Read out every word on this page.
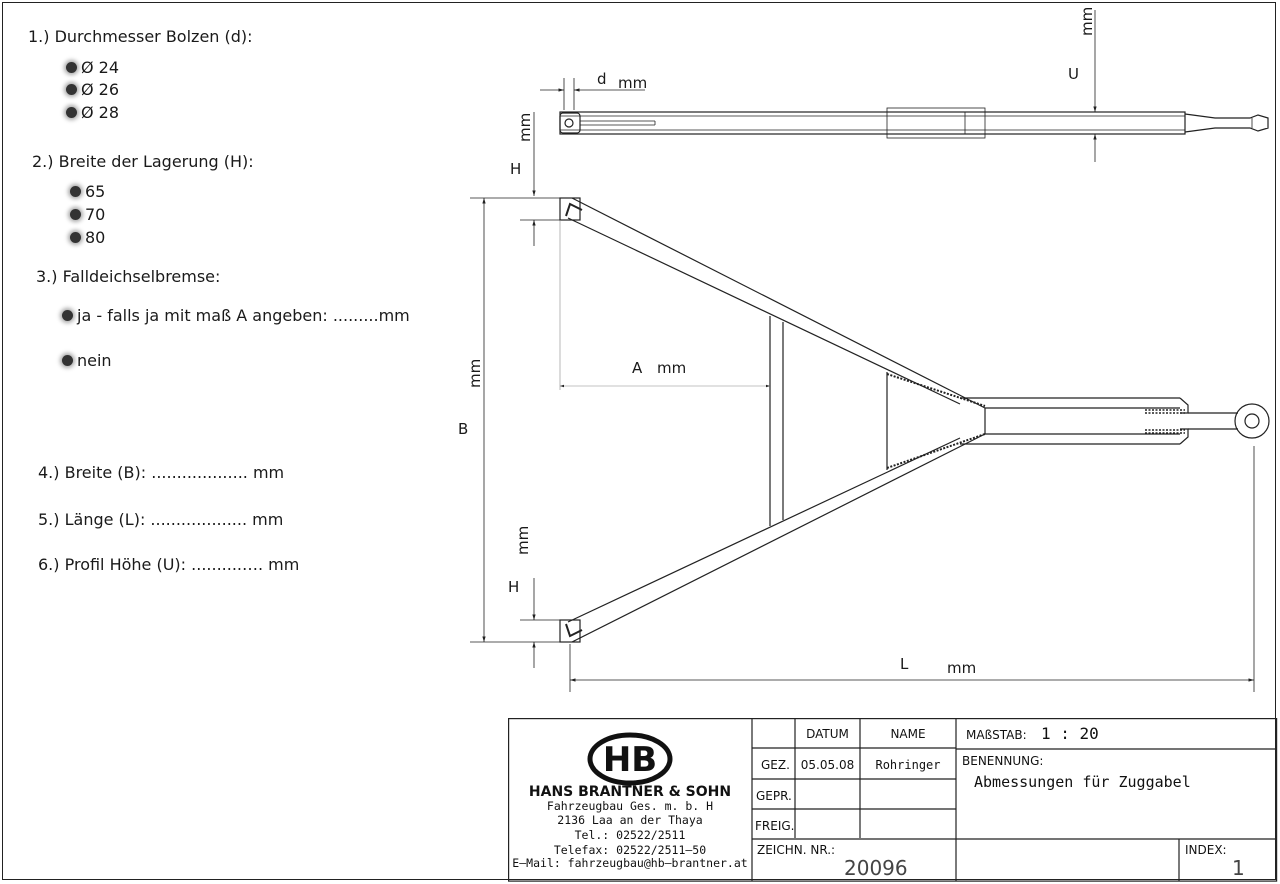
1.) Durchmesser Bolzen (d):
Ø 24
Ø 26
Ø 28
2.) Breite der Lagerung (H):
65
70
80
3.) Falldeichselbremse:
ja - falls ja mit maß A angeben: .........mm
nein
4.) Breite (B): ................... mm
5.) Länge (L): ................... mm
6.) Profil Höhe (U): ..........…. mm
d mm	U
mm
mm
H
A mm
mm
B
mm
H
L	mm
HB
HANS BRANTNER & SOHN
Fahrzeugbau Ges. m. b. H
2136 Laa an der Thaya
Tel.: 02522/2511
Telefax: 02522/2511—50
E—Mail: fahrzeugbau@hb—brantner.at
DATUM	NAME
GEZ. 05.05.08	Rohringer
GEPR.
FREIG.
MAßSTAB: 1 : 20
BENENNUNG:
Abmessungen für Zuggabel
ZEICHN. NR.:
20096
INDEX:
1
